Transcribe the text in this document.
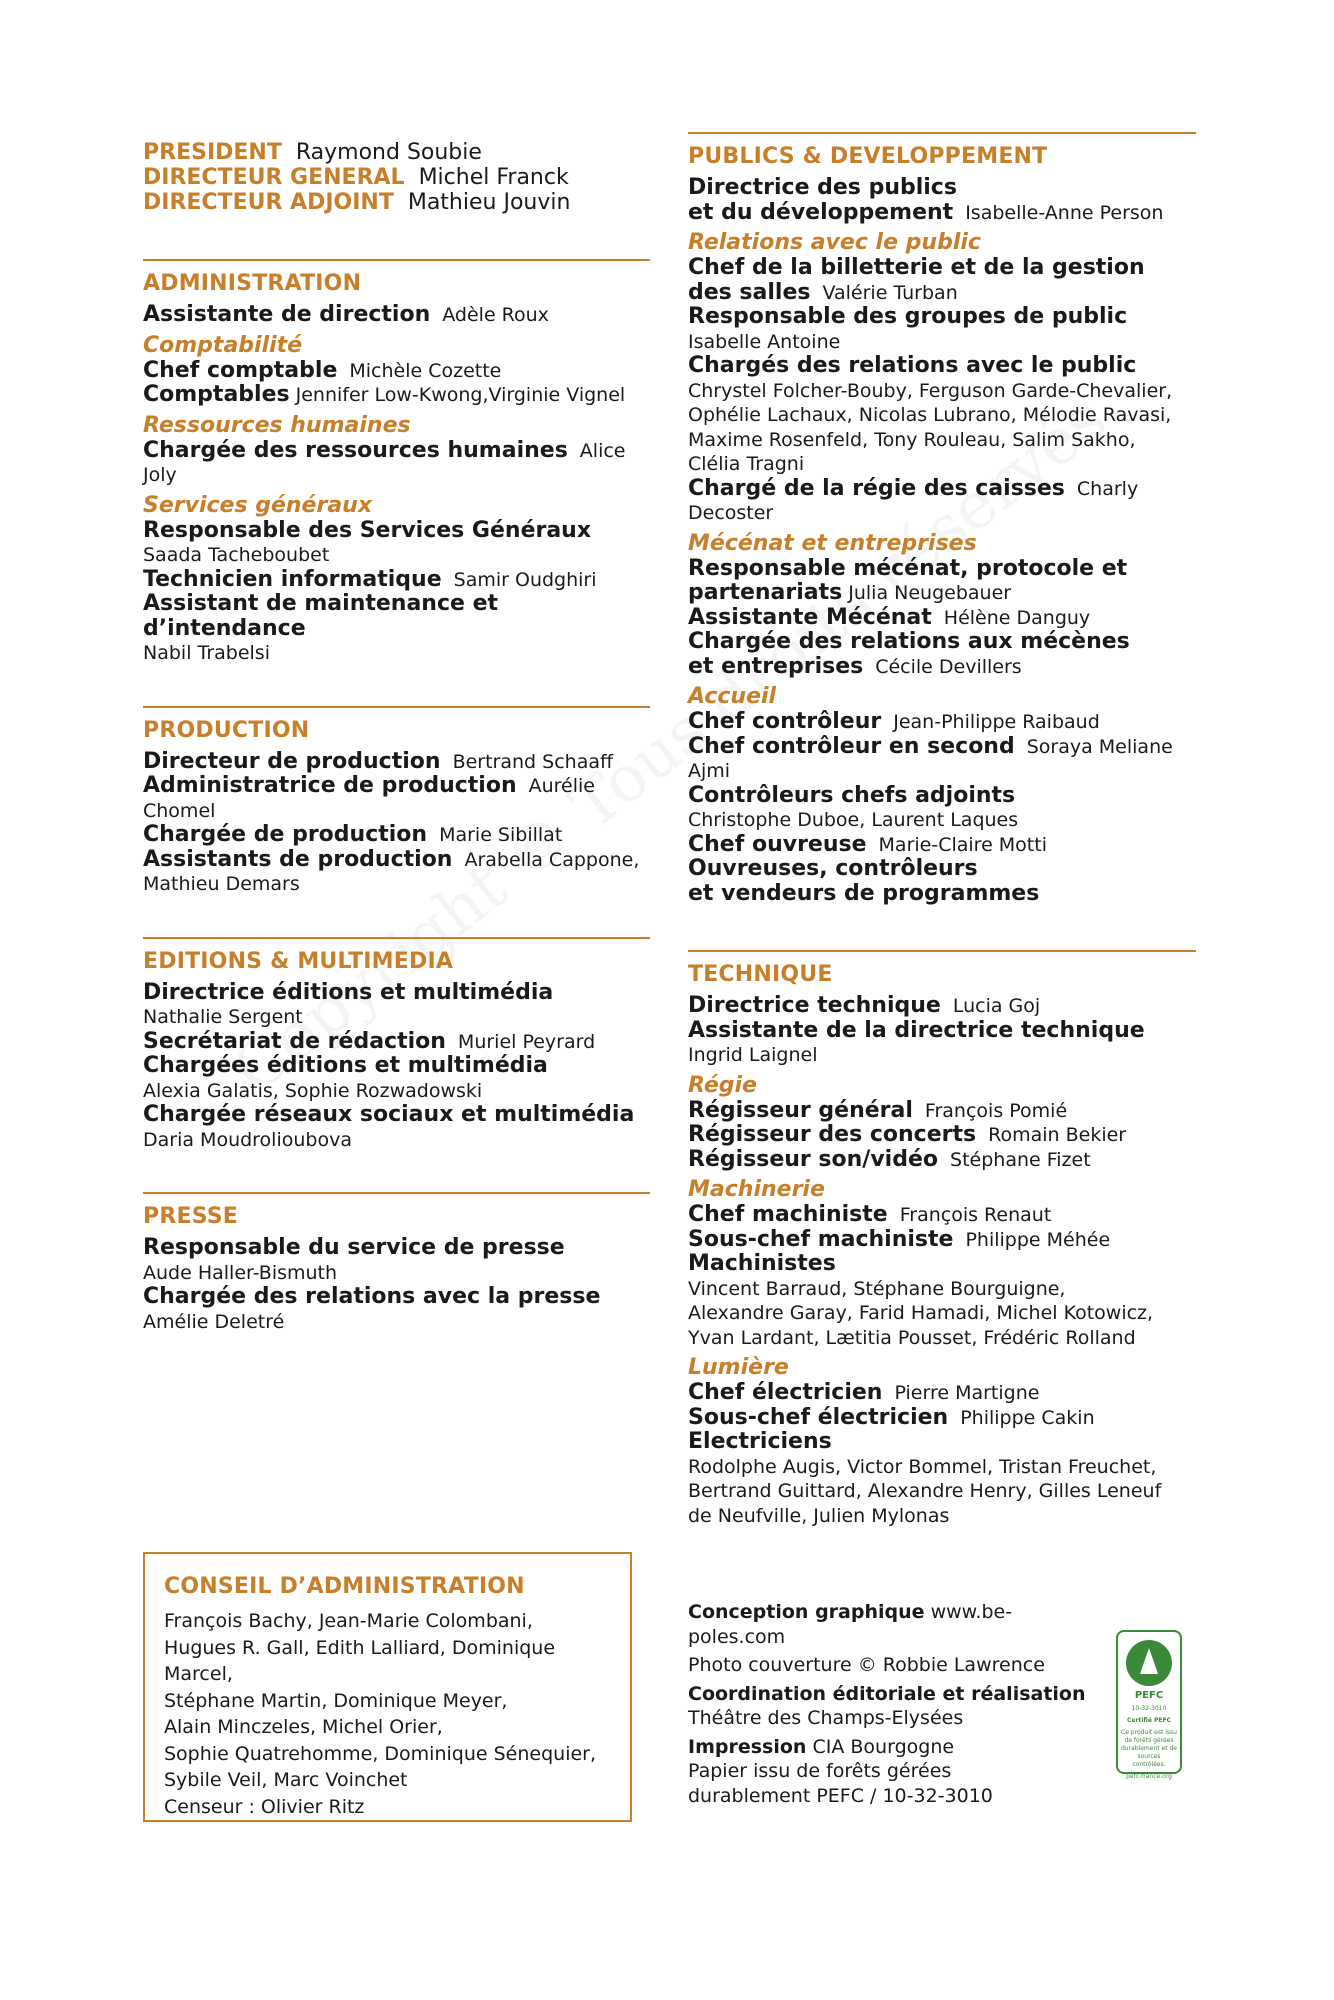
PRESIDENT Raymond Soubie
DIRECTEUR GENERAL Michel Franck
DIRECTEUR ADJOINT Mathieu Jouvin
ADMINISTRATION
Assistante de direction Adèle Roux
Comptabilité
Chef comptable Michèle Cozette
Comptables Jennifer Low-Kwong,Virginie Vignel
Ressources humaines
Chargée des ressources humaines Alice Joly
Services généraux
Responsable des Services Généraux
Saada Tacheboubet
Technicien informatique Samir Oudghiri
Assistant de maintenance et d’intendance
Nabil Trabelsi
PRODUCTION
Directeur de production Bertrand Schaaff
Administratrice de production Aurélie Chomel
Chargée de production Marie Sibillat
Assistants de production Arabella Cappone,
Mathieu Demars
EDITIONS & MULTIMEDIA
Directrice éditions et multimédia
Nathalie Sergent
Secrétariat de rédaction Muriel Peyrard
Chargées éditions et multimédia
Alexia Galatis, Sophie Rozwadowski
Chargée réseaux sociaux et multimédia
Daria Moudrolioubova
PRESSE
Responsable du service de presse
Aude Haller-Bismuth
Chargée des relations avec la presse
Amélie Deletré
PUBLICS & DEVELOPPEMENT
Directrice des publics
et du développement Isabelle-Anne Person
Relations avec le public
Chef de la billetterie et de la gestion
des salles Valérie Turban
Responsable des groupes de public
Isabelle Antoine
Chargés des relations avec le public
Chrystel Folcher-Bouby, Ferguson Garde-Chevalier,
Ophélie Lachaux, Nicolas Lubrano, Mélodie Ravasi,
Maxime Rosenfeld, Tony Rouleau, Salim Sakho,
Clélia Tragni
Chargé de la régie des caisses Charly Decoster
Mécénat et entreprises
Responsable mécénat, protocole et
partenariats Julia Neugebauer
Assistante Mécénat Hélène Danguy
Chargée des relations aux mécènes
et entreprises Cécile Devillers
Accueil
Chef contrôleur Jean-Philippe Raibaud
Chef contrôleur en second Soraya Meliane Ajmi
Contrôleurs chefs adjoints
Christophe Duboe, Laurent Laques
Chef ouvreuse Marie-Claire Motti
Ouvreuses, contrôleurs
et vendeurs de programmes
TECHNIQUE
Directrice technique Lucia Goj
Assistante de la directrice technique
Ingrid Laignel
Régie
Régisseur général François Pomié
Régisseur des concerts Romain Bekier
Régisseur son/vidéo Stéphane Fizet
Machinerie
Chef machiniste François Renaut
Sous-chef machiniste Philippe Méhée
Machinistes
Vincent Barraud, Stéphane Bourguigne,
Alexandre Garay, Farid Hamadi, Michel Kotowicz,
Yvan Lardant, Lætitia Pousset, Frédéric Rolland
Lumière
Chef électricien Pierre Martigne
Sous-chef électricien Philippe Cakin
Electriciens
Rodolphe Augis, Victor Bommel, Tristan Freuchet,
Bertrand Guittard, Alexandre Henry, Gilles Leneuf
de Neufville, Julien Mylonas
CONSEIL D’ADMINISTRATION
François Bachy, Jean-Marie Colombani,
Hugues R. Gall, Edith Lalliard, Dominique Marcel,
Stéphane Martin, Dominique Meyer,
Alain Minczeles, Michel Orier,
Sophie Quatrehomme, Dominique Sénequier,
Sybile Veil, Marc Voinchet
Censeur : Olivier Ritz
Conception graphique www.be-poles.com
Photo couverture © Robbie Lawrence
Coordination éditoriale et réalisation
Théâtre des Champs-Elysées
Impression CIA Bourgogne
Papier issu de forêts gérées
durablement PEFC / 10-32-3010
PEFC
10-32-3010
Certifié PEFC
Ce produit est issu de forêts gérées durablement et de sources contrôlées.
pefc-france.org
